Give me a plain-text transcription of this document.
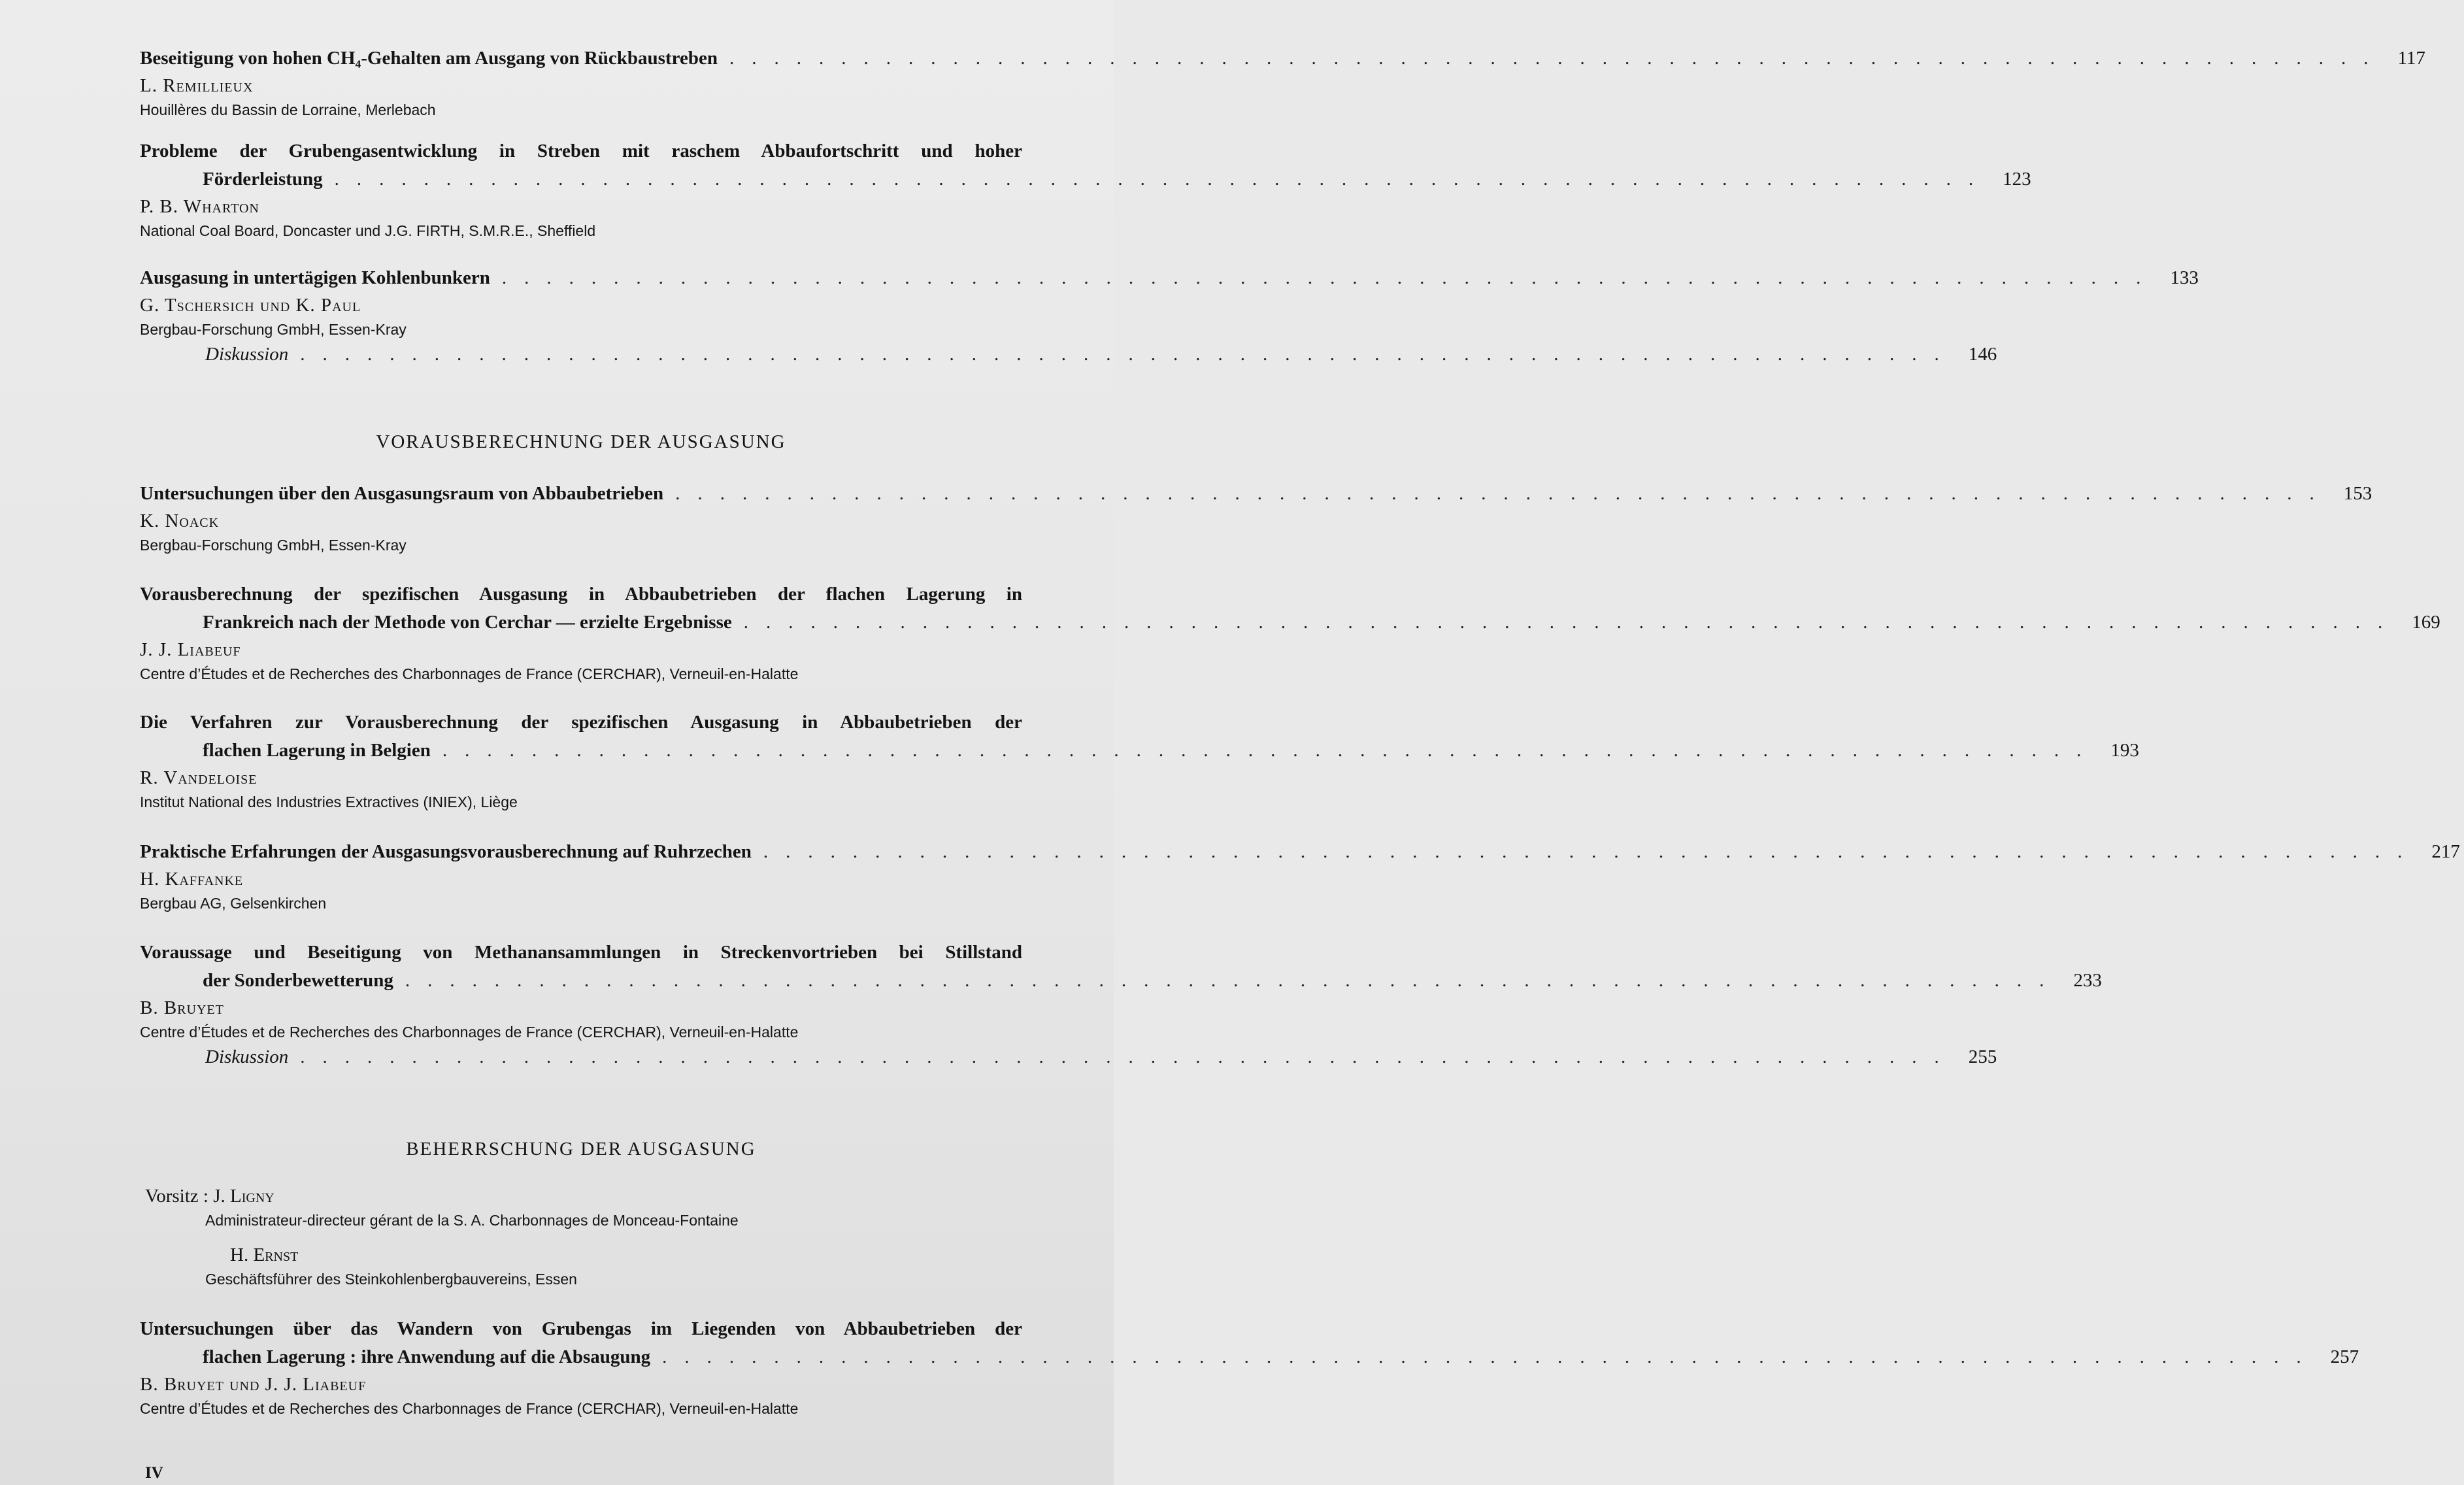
Beseitigung von hohen CH₄-Gehalten am Ausgang von Rückbaustreben .......................................................................... 117
L. Remillieux
Houillères du Bassin de Lorraine, Merlebach
Probleme der Grubengasentwicklung in Streben mit raschem Abbaufortschritt und hoher
Förderleistung .......................................................................... 123
P. B. Wharton
National Coal Board, Doncaster und J.G. FIRTH, S.M.R.E., Sheffield
Ausgasung in untertägigen Kohlenbunkern .......................................................................... 133
G. Tschersich und K. Paul
Bergbau-Forschung GmbH, Essen-Kray
Diskussion .......................................................................... 146
VORAUSBERECHNUNG DER AUSGASUNG
Untersuchungen über den Ausgasungsraum von Abbaubetrieben .......................................................................... 153
K. Noack
Bergbau-Forschung GmbH, Essen-Kray
Vorausberechnung der spezifischen Ausgasung in Abbaubetrieben der flachen Lagerung in
Frankreich nach der Methode von Cerchar — erzielte Ergebnisse .......................................................................... 169
J. J. Liabeuf
Centre d’Études et de Recherches des Charbonnages de France (CERCHAR), Verneuil-en-Halatte
Die Verfahren zur Vorausberechnung der spezifischen Ausgasung in Abbaubetrieben der
flachen Lagerung in Belgien .......................................................................... 193
R. Vandeloise
Institut National des Industries Extractives (INIEX), Liège
Praktische Erfahrungen der Ausgasungsvorausberechnung auf Ruhrzechen .......................................................................... 217
H. Kaffanke
Bergbau AG, Gelsenkirchen
Voraussage und Beseitigung von Methanansammlungen in Streckenvortrieben bei Stillstand
der Sonderbewetterung .......................................................................... 233
B. Bruyet
Centre d’Études et de Recherches des Charbonnages de France (CERCHAR), Verneuil-en-Halatte
Diskussion .......................................................................... 255
BEHERRSCHUNG DER AUSGASUNG
Vorsitz : J. Ligny
Administrateur-directeur gérant de la S. A. Charbonnages de Monceau-Fontaine
H. Ernst
Geschäftsführer des Steinkohlenbergbauvereins, Essen
Untersuchungen über das Wandern von Grubengas im Liegenden von Abbaubetrieben der
flachen Lagerung : ihre Anwendung auf die Absaugung .......................................................................... 257
B. Bruyet und J. J. Liabeuf
Centre d’Études et de Recherches des Charbonnages de France (CERCHAR), Verneuil-en-Halatte
IV
